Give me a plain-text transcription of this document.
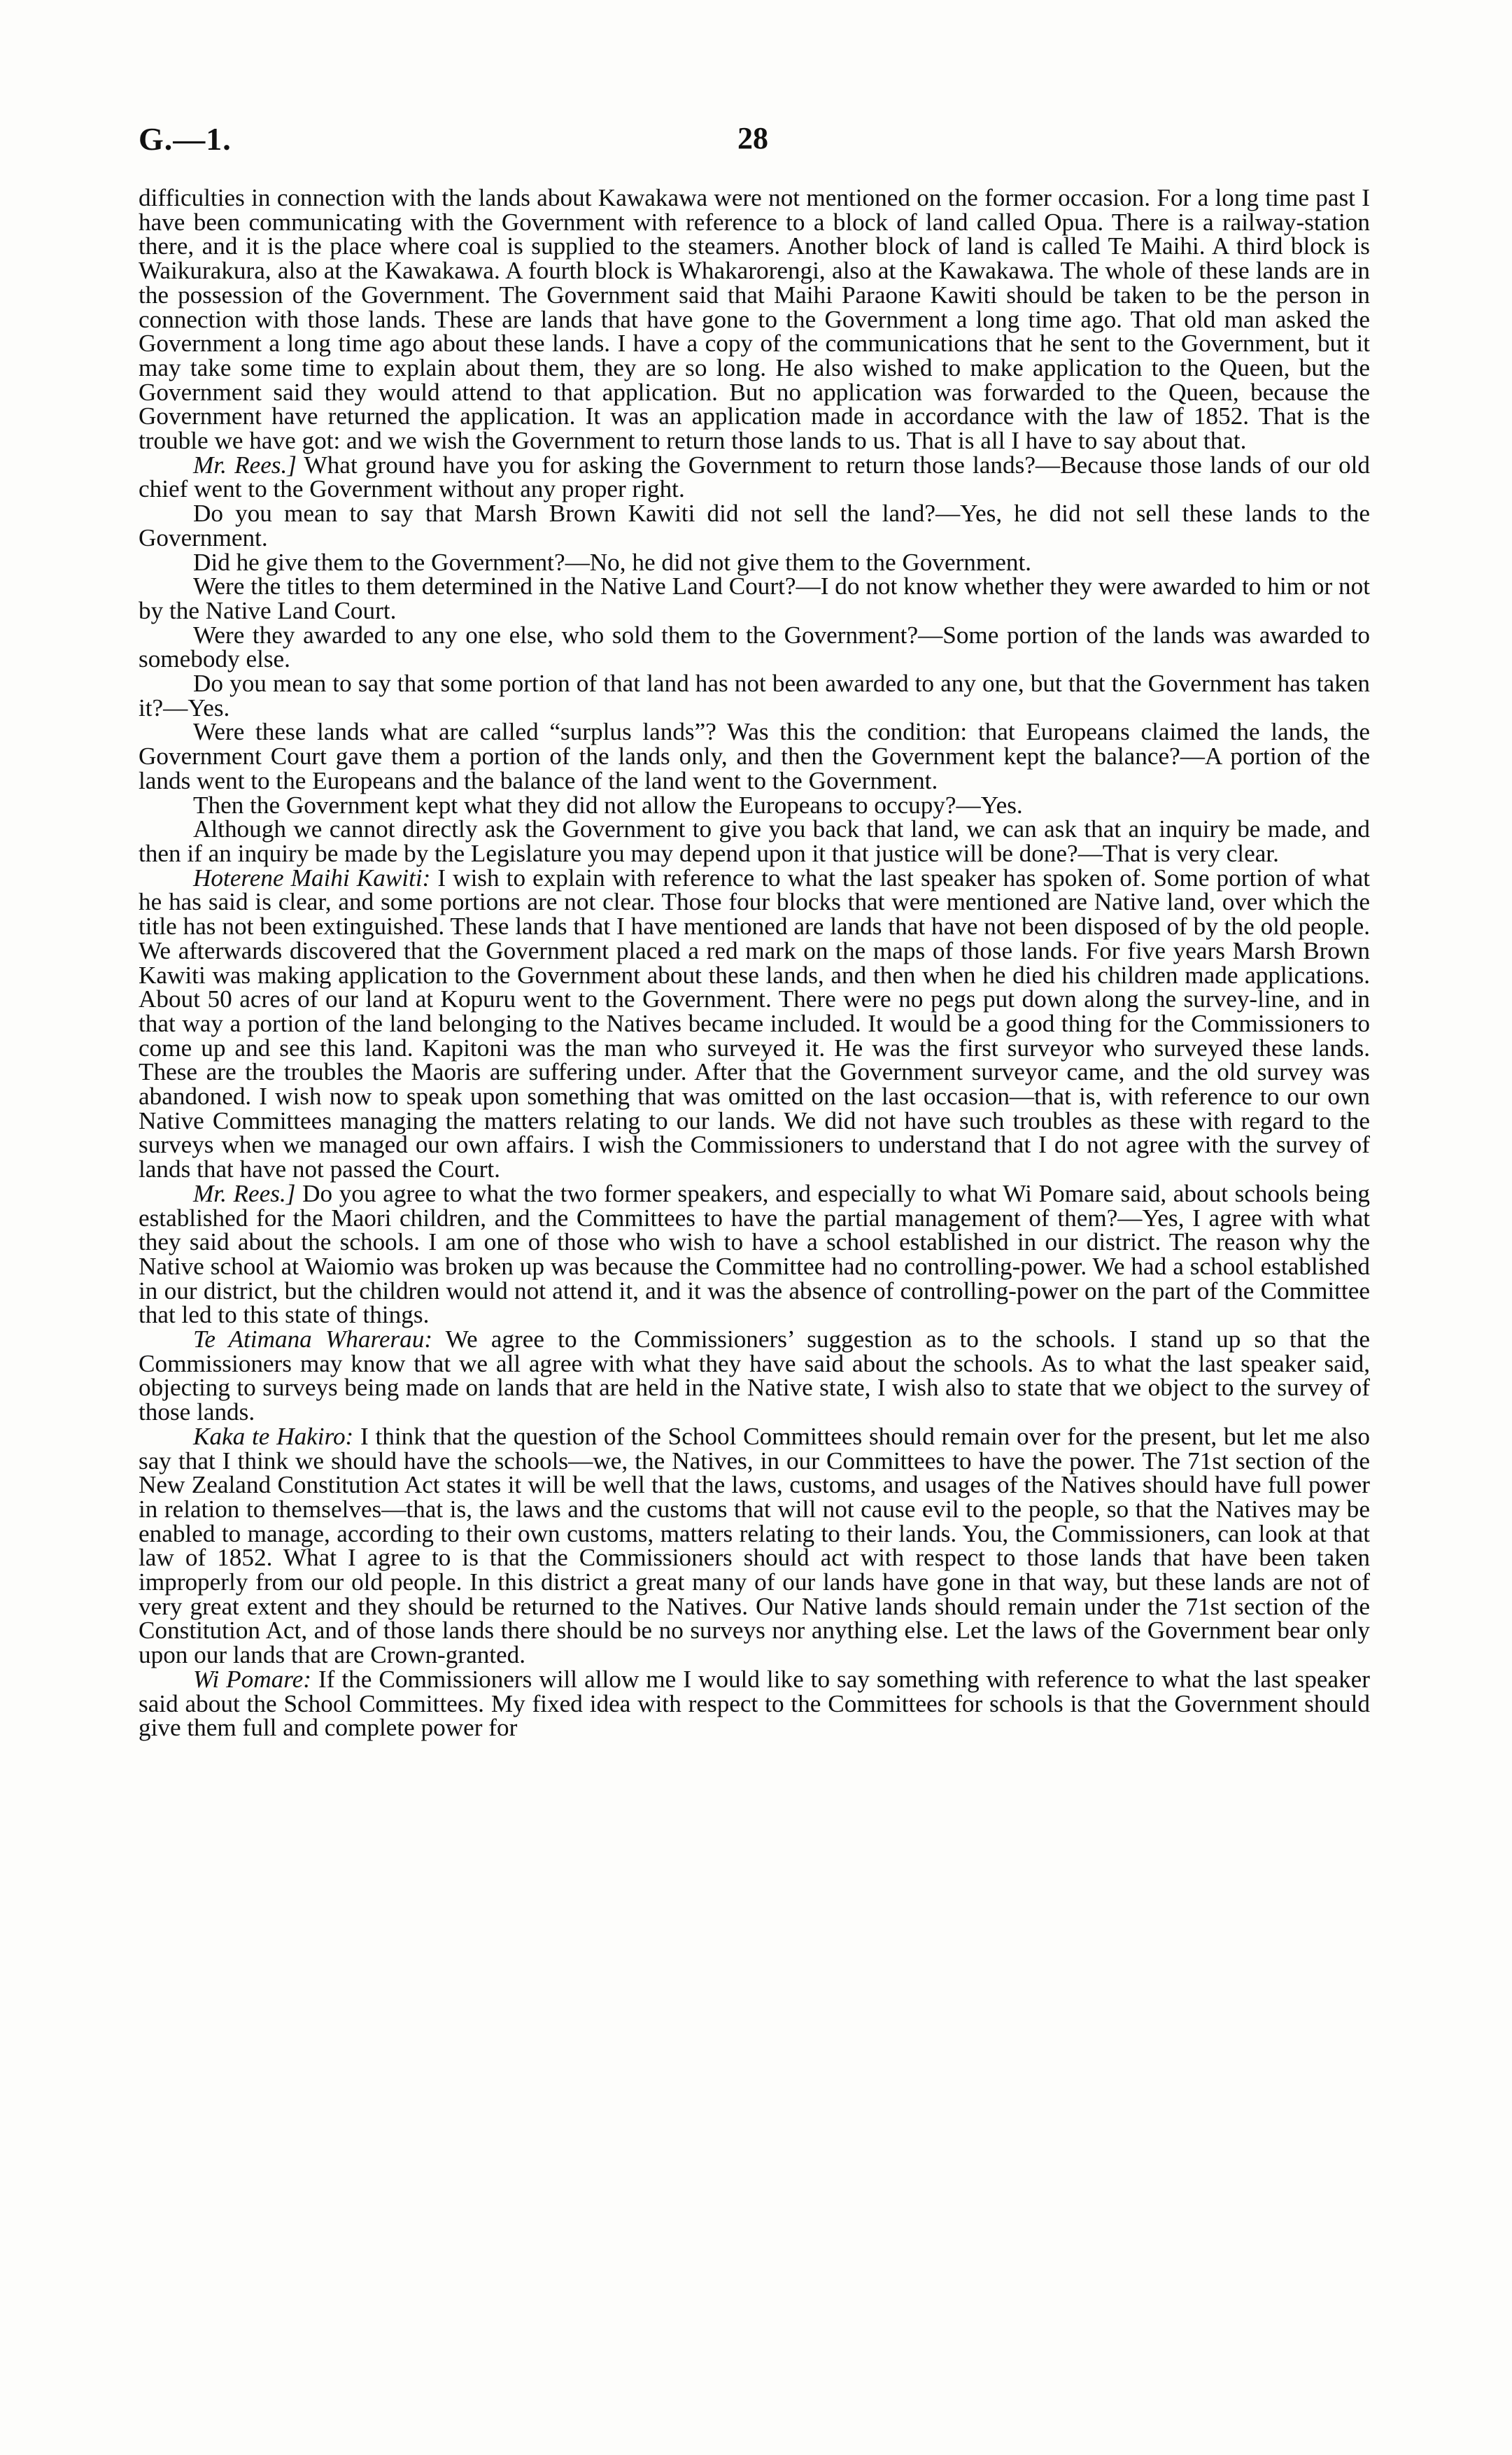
G.—1.	28

difficulties in connection with the lands about Kawakawa were not mentioned on the former occasion. For a long time past I have been communicating with the Government with reference to a block of land called Opua. There is a railway-station there, and it is the place where coal is supplied to the steamers. Another block of land is called Te Maihi. A third block is Waikurakura, also at the Kawakawa. A fourth block is Whakarorengi, also at the Kawakawa. The whole of these lands are in the possession of the Government. The Government said that Maihi Paraone Kawiti should be taken to be the person in connection with those lands. These are lands that have gone to the Government a long time ago. That old man asked the Government a long time ago about these lands. I have a copy of the communications that he sent to the Government, but it may take some time to explain about them, they are so long. He also wished to make application to the Queen, but the Government said they would attend to that application. But no application was forwarded to the Queen, because the Government have returned the application. It was an application made in accordance with the law of 1852. That is the trouble we have got: and we wish the Government to return those lands to us. That is all I have to say about that.

Mr. Rees.] What ground have you for asking the Government to return those lands?—Because those lands of our old chief went to the Government without any proper right.

Do you mean to say that Marsh Brown Kawiti did not sell the land?—Yes, he did not sell these lands to the Government.

Did he give them to the Government?—No, he did not give them to the Government.

Were the titles to them determined in the Native Land Court?—I do not know whether they were awarded to him or not by the Native Land Court.

Were they awarded to any one else, who sold them to the Government?—Some portion of the lands was awarded to somebody else.

Do you mean to say that some portion of that land has not been awarded to any one, but that the Government has taken it?—Yes.

Were these lands what are called “surplus lands”? Was this the condition: that Europeans claimed the lands, the Government Court gave them a portion of the lands only, and then the Government kept the balance?—A portion of the lands went to the Europeans and the balance of the land went to the Government.

Then the Government kept what they did not allow the Europeans to occupy?—Yes.

Although we cannot directly ask the Government to give you back that land, we can ask that an inquiry be made, and then if an inquiry be made by the Legislature you may depend upon it that justice will be done?—That is very clear.

Hoterene Maihi Kawiti: I wish to explain with reference to what the last speaker has spoken of. Some portion of what he has said is clear, and some portions are not clear. Those four blocks that were mentioned are Native land, over which the title has not been extinguished. These lands that I have mentioned are lands that have not been disposed of by the old people. We afterwards discovered that the Government placed a red mark on the maps of those lands. For five years Marsh Brown Kawiti was making application to the Government about these lands, and then when he died his children made applications. About 50 acres of our land at Kopuru went to the Government. There were no pegs put down along the survey-line, and in that way a portion of the land belonging to the Natives became included. It would be a good thing for the Commissioners to come up and see this land. Kapitoni was the man who surveyed it. He was the first surveyor who surveyed these lands. These are the troubles the Maoris are suffering under. After that the Government surveyor came, and the old survey was abandoned. I wish now to speak upon something that was omitted on the last occasion—that is, with reference to our own Native Committees managing the matters relating to our lands. We did not have such troubles as these with regard to the surveys when we managed our own affairs. I wish the Commissioners to understand that I do not agree with the survey of lands that have not passed the Court.

Mr. Rees.] Do you agree to what the two former speakers, and especially to what Wi Pomare said, about schools being established for the Maori children, and the Committees to have the partial management of them?—Yes, I agree with what they said about the schools. I am one of those who wish to have a school established in our district. The reason why the Native school at Waiomio was broken up was because the Committee had no controlling-power. We had a school established in our district, but the children would not attend it, and it was the absence of controlling-power on the part of the Committee that led to this state of things.

Te Atimana Wharerau: We agree to the Commissioners’ suggestion as to the schools. I stand up so that the Commissioners may know that we all agree with what they have said about the schools. As to what the last speaker said, objecting to surveys being made on lands that are held in the Native state, I wish also to state that we object to the survey of those lands.

Kaka te Hakiro: I think that the question of the School Committees should remain over for the present, but let me also say that I think we should have the schools—we, the Natives, in our Committees to have the power. The 71st section of the New Zealand Constitution Act states it will be well that the laws, customs, and usages of the Natives should have full power in relation to themselves—that is, the laws and the customs that will not cause evil to the people, so that the Natives may be enabled to manage, according to their own customs, matters relating to their lands. You, the Commissioners, can look at that law of 1852. What I agree to is that the Commissioners should act with respect to those lands that have been taken improperly from our old people. In this district a great many of our lands have gone in that way, but these lands are not of very great extent and they should be returned to the Natives. Our Native lands should remain under the 71st section of the Constitution Act, and of those lands there should be no surveys nor anything else. Let the laws of the Government bear only upon our lands that are Crown-granted.

Wi Pomare: If the Commissioners will allow me I would like to say something with reference to what the last speaker said about the School Committees. My fixed idea with respect to the Committees for schools is that the Government should give them full and complete power for
